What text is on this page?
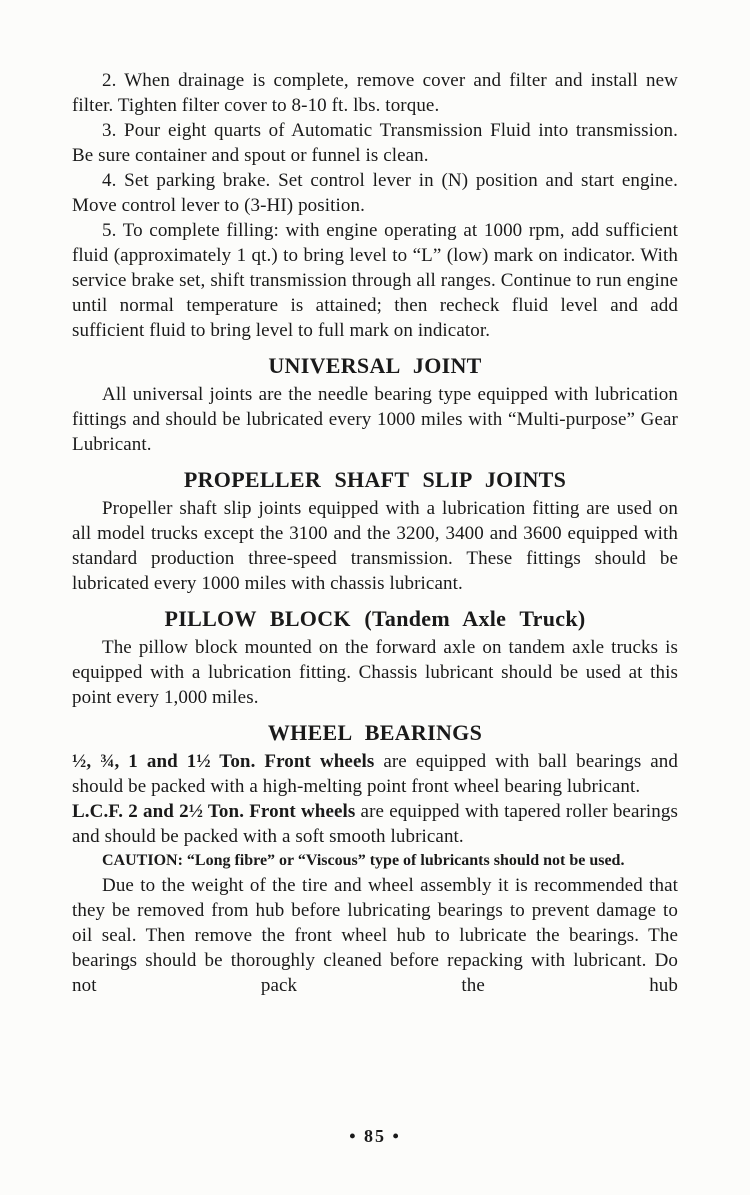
2. When drainage is complete, remove cover and filter and install new filter. Tighten filter cover to 8-10 ft. lbs. torque.

3. Pour eight quarts of Automatic Transmission Fluid into transmission. Be sure container and spout or funnel is clean.

4. Set parking brake. Set control lever in (N) position and start engine. Move control lever to (3-HI) position.

5. To complete filling: with engine operating at 1000 rpm, add sufficient fluid (approximately 1 qt.) to bring level to “L” (low) mark on indicator. With service brake set, shift transmission through all ranges. Continue to run engine until normal temperature is attained; then recheck fluid level and add sufficient fluid to bring level to full mark on indicator.

UNIVERSAL JOINT

All universal joints are the needle bearing type equipped with lubrication fittings and should be lubricated every 1000 miles with “Multi-purpose” Gear Lubricant.

PROPELLER SHAFT SLIP JOINTS

Propeller shaft slip joints equipped with a lubrication fitting are used on all model trucks except the 3100 and the 3200, 3400 and 3600 equipped with standard production three-speed transmission. These fittings should be lubricated every 1000 miles with chassis lubricant.

PILLOW BLOCK (Tandem Axle Truck)

The pillow block mounted on the forward axle on tandem axle trucks is equipped with a lubrication fitting. Chassis lubricant should be used at this point every 1,000 miles.

WHEEL BEARINGS

½, ¾, 1 and 1½ Ton. Front wheels are equipped with ball bearings and should be packed with a high-melting point front wheel bearing lubricant.

L.C.F. 2 and 2½ Ton. Front wheels are equipped with tapered roller bearings and should be packed with a soft smooth lubricant.

CAUTION: “Long fibre” or “Viscous” type of lubricants should not be used.

Due to the weight of the tire and wheel assembly it is recommended that they be removed from hub before lubricating bearings to prevent damage to oil seal. Then remove the front wheel hub to lubricate the bearings. The bearings should be thoroughly cleaned before repacking with lubricant. Do not pack the hub

• 85 •
